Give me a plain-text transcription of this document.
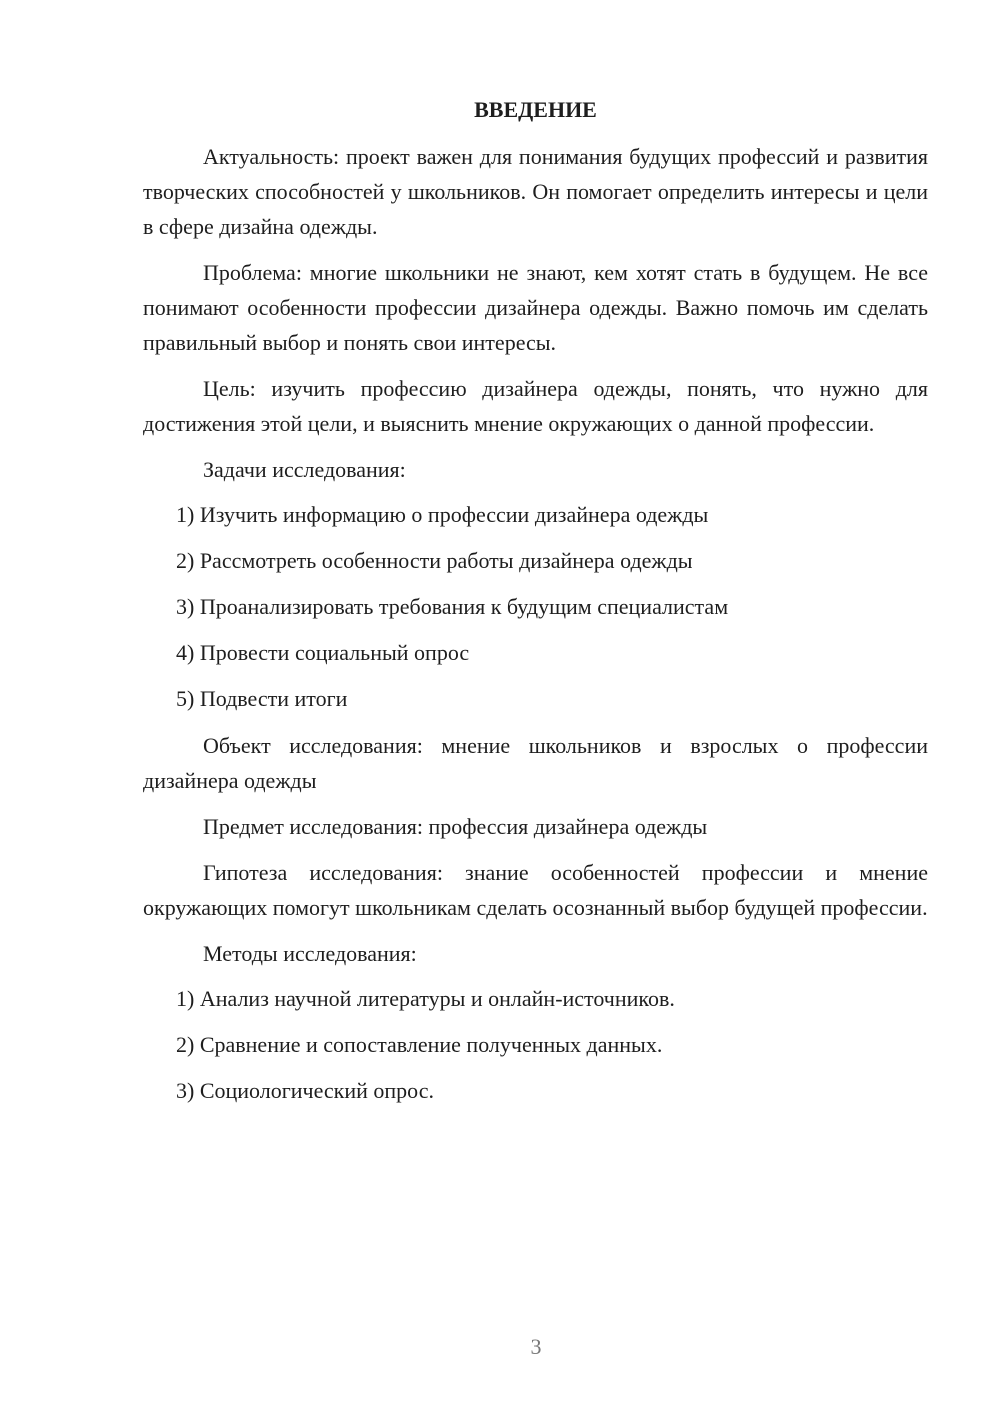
ВВЕДЕНИЕ

Актуальность: проект важен для понимания будущих профессий и развития творческих способностей у школьников. Он помогает определить интересы и цели в сфере дизайна одежды.

Проблема: многие школьники не знают, кем хотят стать в будущем. Не все понимают особенности профессии дизайнера одежды. Важно помочь им сделать правильный выбор и понять свои интересы.

Цель: изучить профессию дизайнера одежды, понять, что нужно для достижения этой цели, и выяснить мнение окружающих о данной профессии.

Задачи исследования:

1) Изучить информацию о профессии дизайнера одежды
2) Рассмотреть особенности работы дизайнера одежды
3) Проанализировать требования к будущим специалистам
4) Провести социальный опрос
5) Подвести итоги

Объект исследования: мнение школьников и взрослых о профессии дизайнера одежды

Предмет исследования: профессия дизайнера одежды

Гипотеза исследования: знание особенностей профессии и мнение окружающих помогут школьникам сделать осознанный выбор будущей профессии.

Методы исследования:

1) Анализ научной литературы и онлайн-источников.
2) Сравнение и сопоставление полученных данных.
3) Социологический опрос.
3
